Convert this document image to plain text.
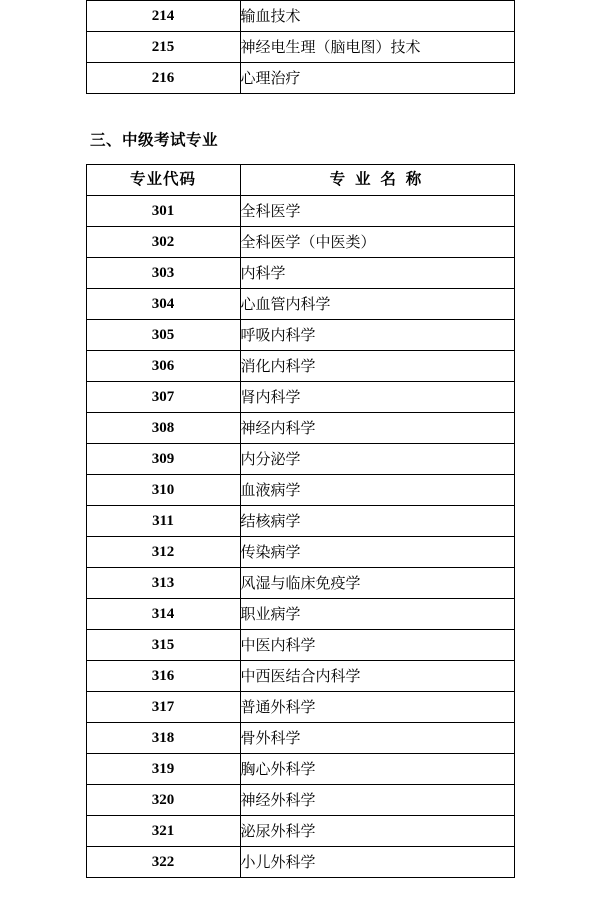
214	输血技术
215	神经电生理（脑电图）技术
216	心理治疗
三、中级考试专业
专业代码	专 业 名 称
301	全科医学
302	全科医学（中医类）
303	内科学
304	心血管内科学
305	呼吸内科学
306	消化内科学
307	肾内科学
308	神经内科学
309	内分泌学
310	血液病学
311	结核病学
312	传染病学
313	风湿与临床免疫学
314	职业病学
315	中医内科学
316	中西医结合内科学
317	普通外科学
318	骨外科学
319	胸心外科学
320	神经外科学
321	泌尿外科学
322	小儿外科学
